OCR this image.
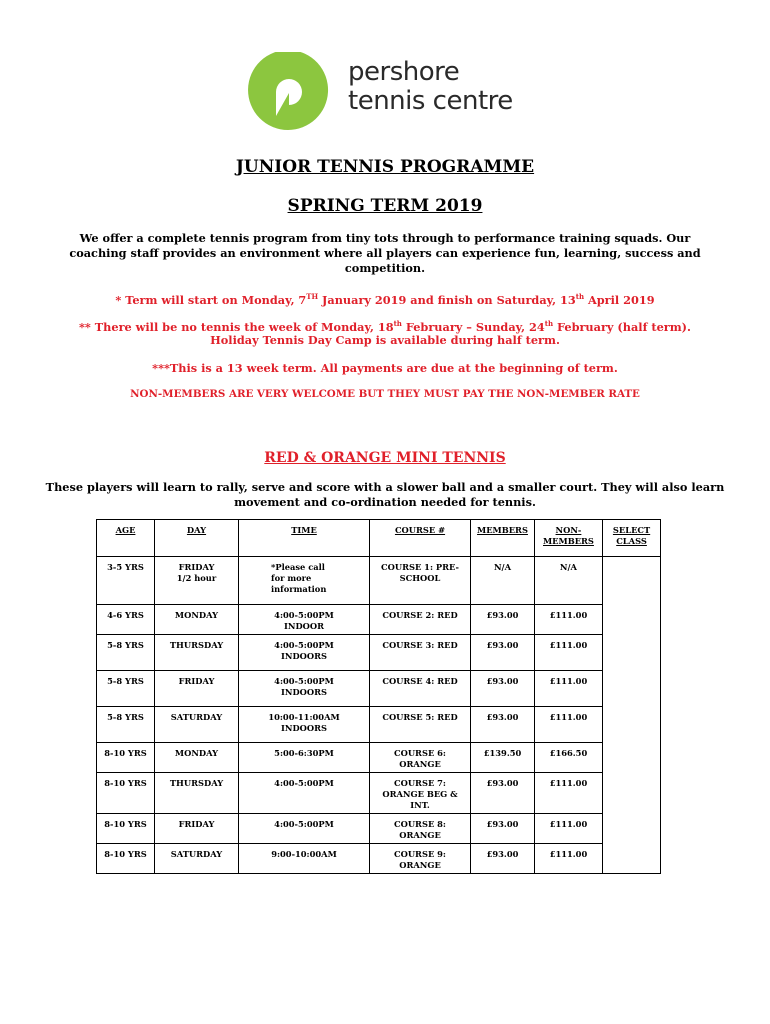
pershore
tennis centre
JUNIOR TENNIS PROGRAMME
SPRING TERM 2019
We offer a complete tennis program from tiny tots through to performance training squads. Our coaching staff provides an environment where all players can experience fun, learning, success and competition.
* Term will start on Monday, 7TH January 2019 and finish on Saturday, 13th April 2019
** There will be no tennis the week of Monday, 18th February – Sunday, 24th February (half term).
Holiday Tennis Day Camp is available during half term.
***This is a 13 week term. All payments are due at the beginning of term.
NON-MEMBERS ARE VERY WELCOME BUT THEY MUST PAY THE NON-MEMBER RATE
RED & ORANGE MINI TENNIS
These players will learn to rally, serve and score with a slower ball and a smaller court. They will also learn movement and co-ordination needed for tennis.
AGE	DAY	TIME	COURSE #	MEMBERS	NON-MEMBERS	SELECT CLASS
3-5 YRS	FRIDAY 1/2 hour	*Please call for more information	COURSE 1: PRE-SCHOOL	N/A	N/A	
4-6 YRS	MONDAY	4:00-5:00PM INDOOR	COURSE 2: RED	£93.00	£111.00	
5-8 YRS	THURSDAY	4:00-5:00PM INDOORS	COURSE 3: RED	£93.00	£111.00	
5-8 YRS	FRIDAY	4:00-5:00PM INDOORS	COURSE 4: RED	£93.00	£111.00	
5-8 YRS	SATURDAY	10:00-11:00AM INDOORS	COURSE 5: RED	£93.00	£111.00	
8-10 YRS	MONDAY	5:00-6:30PM	COURSE 6: ORANGE	£139.50	£166.50	
8-10 YRS	THURSDAY	4:00-5:00PM	COURSE 7: ORANGE BEG & INT.	£93.00	£111.00	
8-10 YRS	FRIDAY	4:00-5:00PM	COURSE 8: ORANGE	£93.00	£111.00	
8-10 YRS	SATURDAY	9:00-10:00AM	COURSE 9: ORANGE	£93.00	£111.00	
